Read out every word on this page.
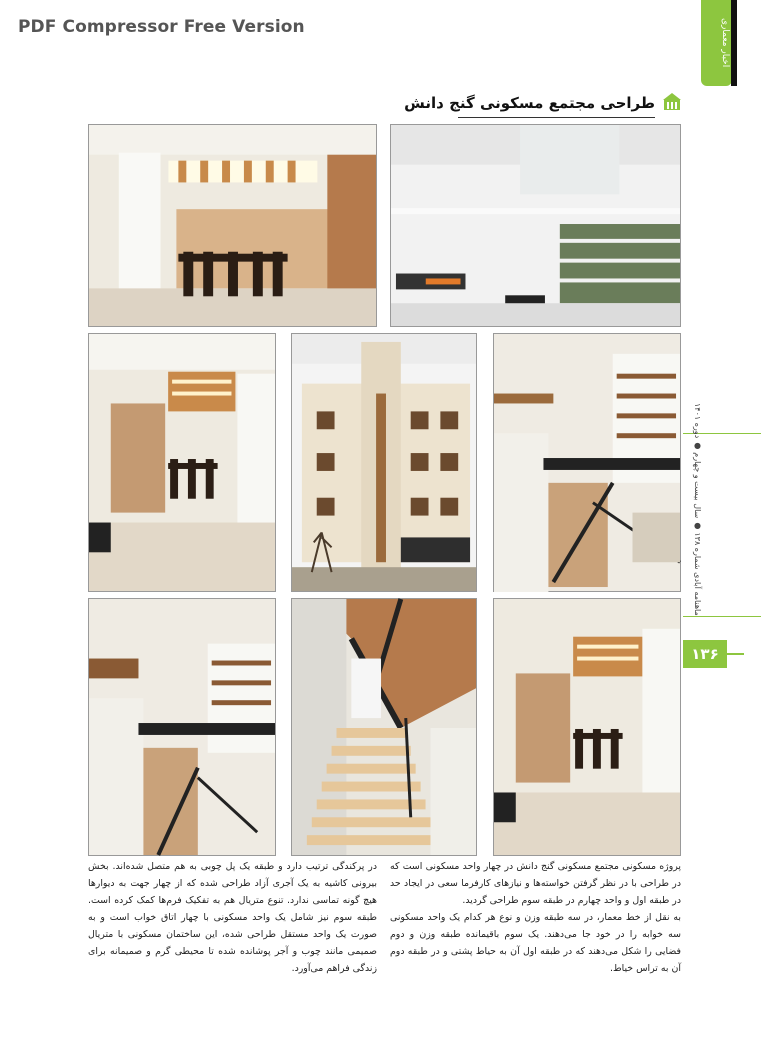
PDF Compressor Free Version	اخبار معماری
طراحی مجتمع مسکونی گنج دانش
ماهنامه آبادی شماره ۱۳۸ ● سال بیست و چهارم ● دوره ۱۴۰۱
۱۳۶

پروژه مسکونی مجتمع مسکونی گنج دانش در چهار واحد مسکونی است که در طراحی با در نظر گرفتن خواسته‌ها و نیازهای کارفرما سعی در ایجاد حد در طبقه اول و واحد چهارم در طبقه سوم طراحی گردید.

به نقل از خط معمار، در سه طبقه وزن و نوع هر کدام یک واحد مسکونی سه خوابه را در خود جا می‌دهند. یک سوم باقیمانده طبقه وزن و دوم فضایی را شکل می‌دهند که در طبقه اول آن به حیاط پشتی و در طبقه دوم آن به تراس خیاط.

در پرکندگی ترتیب دارد و طبقه یک پل چوبی به هم متصل شده‌اند. بخش بیرونی کاشیه به یک آجری آزاد طراحی شده که از چهار جهت به دیوارها هیچ گونه تماسی ندارد. تنوع متریال هم به تفکیک فرم‌ها کمک کرده است. طبقه سوم نیز شامل یک واحد مسکونی با چهار اتاق خواب است و به صورت یک واحد مستقل طراحی شده، این ساختمان مسکونی با متریال صمیمی مانند چوب و آجر پوشانده شده تا محیطی گرم و صمیمانه برای زندگی فراهم می‌آورد.
